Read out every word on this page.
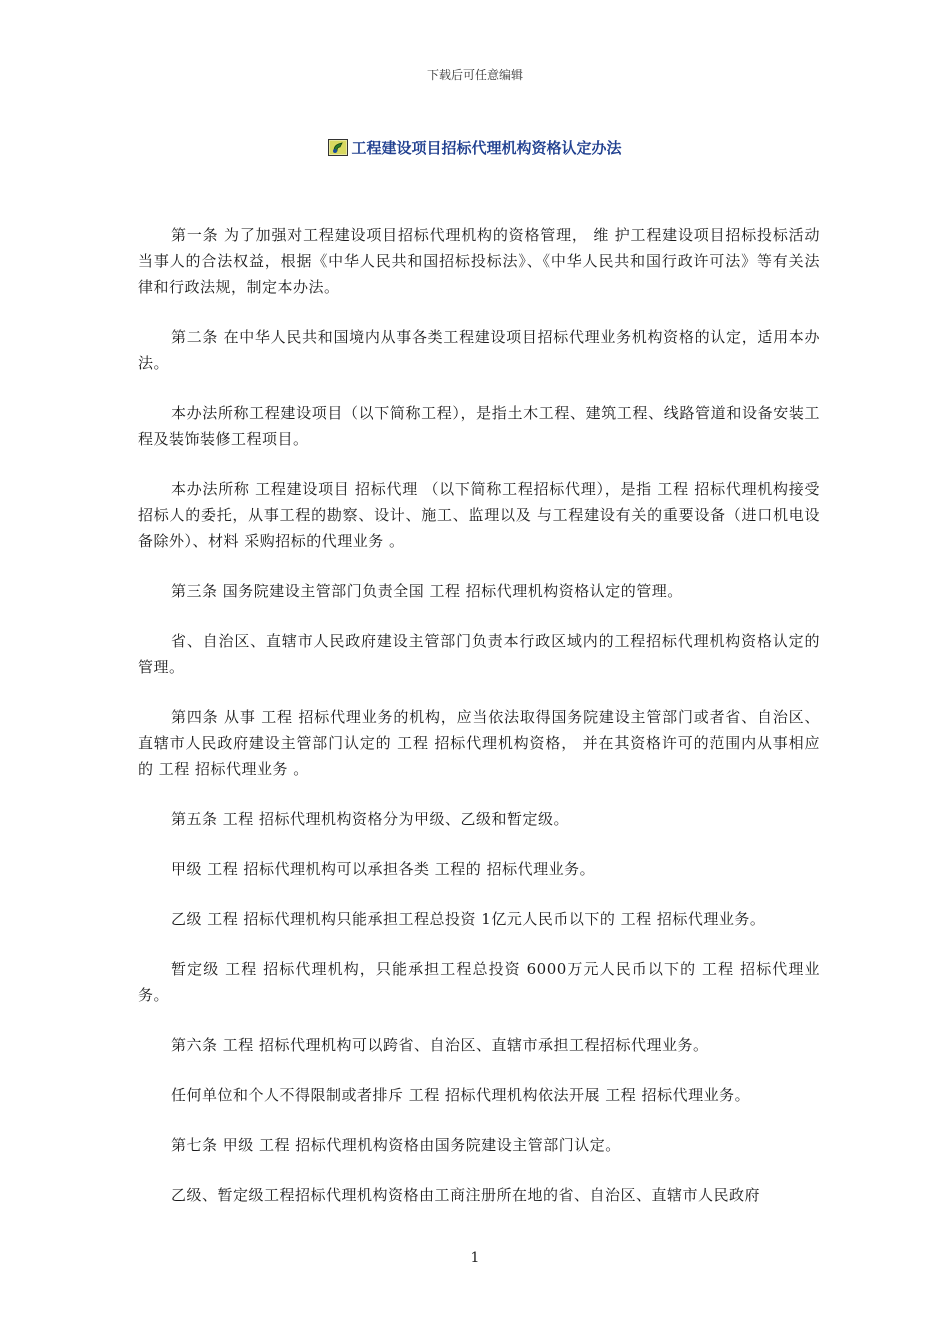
下载后可任意编辑
工程建设项目招标代理机构资格认定办法

第一条 为了加强对工程建设项目招标代理机构的资格管理， 维 护工程建设项目招标投标活动当事人的合法权益，根据《中华人民共和国招标投标法》、《中华人民共和国行政许可法》等有关法律和行政法规，制定本办法。

第二条 在中华人民共和国境内从事各类工程建设项目招标代理业务机构资格的认定，适用本办法。

本办法所称工程建设项目（以下简称工程），是指土木工程、建筑工程、线路管道和设备安装工程及装饰装修工程项目。

本办法所称 工程建设项目 招标代理 （以下简称工程招标代理），是指 工程 招标代理机构接受招标人的委托，从事工程的勘察、设计、施工、监理以及 与工程建设有关的重要设备（进口机电设备除外）、材料 采购招标的代理业务 。

第三条 国务院建设主管部门负责全国 工程 招标代理机构资格认定的管理。

省、自治区、直辖市人民政府建设主管部门负责本行政区域内的工程招标代理机构资格认定的管理。

第四条 从事 工程 招标代理业务的机构，应当依法取得国务院建设主管部门或者省、自治区、直辖市人民政府建设主管部门认定的 工程 招标代理机构资格， 并在其资格许可的范围内从事相应的 工程 招标代理业务 。

第五条 工程 招标代理机构资格分为甲级、乙级和暂定级。

甲级 工程 招标代理机构可以承担各类 工程的 招标代理业务。

乙级 工程 招标代理机构只能承担工程总投资 1亿元人民币以下的 工程 招标代理业务。

暂定级 工程 招标代理机构，只能承担工程总投资 6000万元人民币以下的 工程 招标代理业务。

第六条 工程 招标代理机构可以跨省、自治区、直辖市承担工程招标代理业务。

任何单位和个人不得限制或者排斥 工程 招标代理机构依法开展 工程 招标代理业务。

第七条 甲级 工程 招标代理机构资格由国务院建设主管部门认定。

乙级、暂定级工程招标代理机构资格由工商注册所在地的省、自治区、直辖市人民政府

1
